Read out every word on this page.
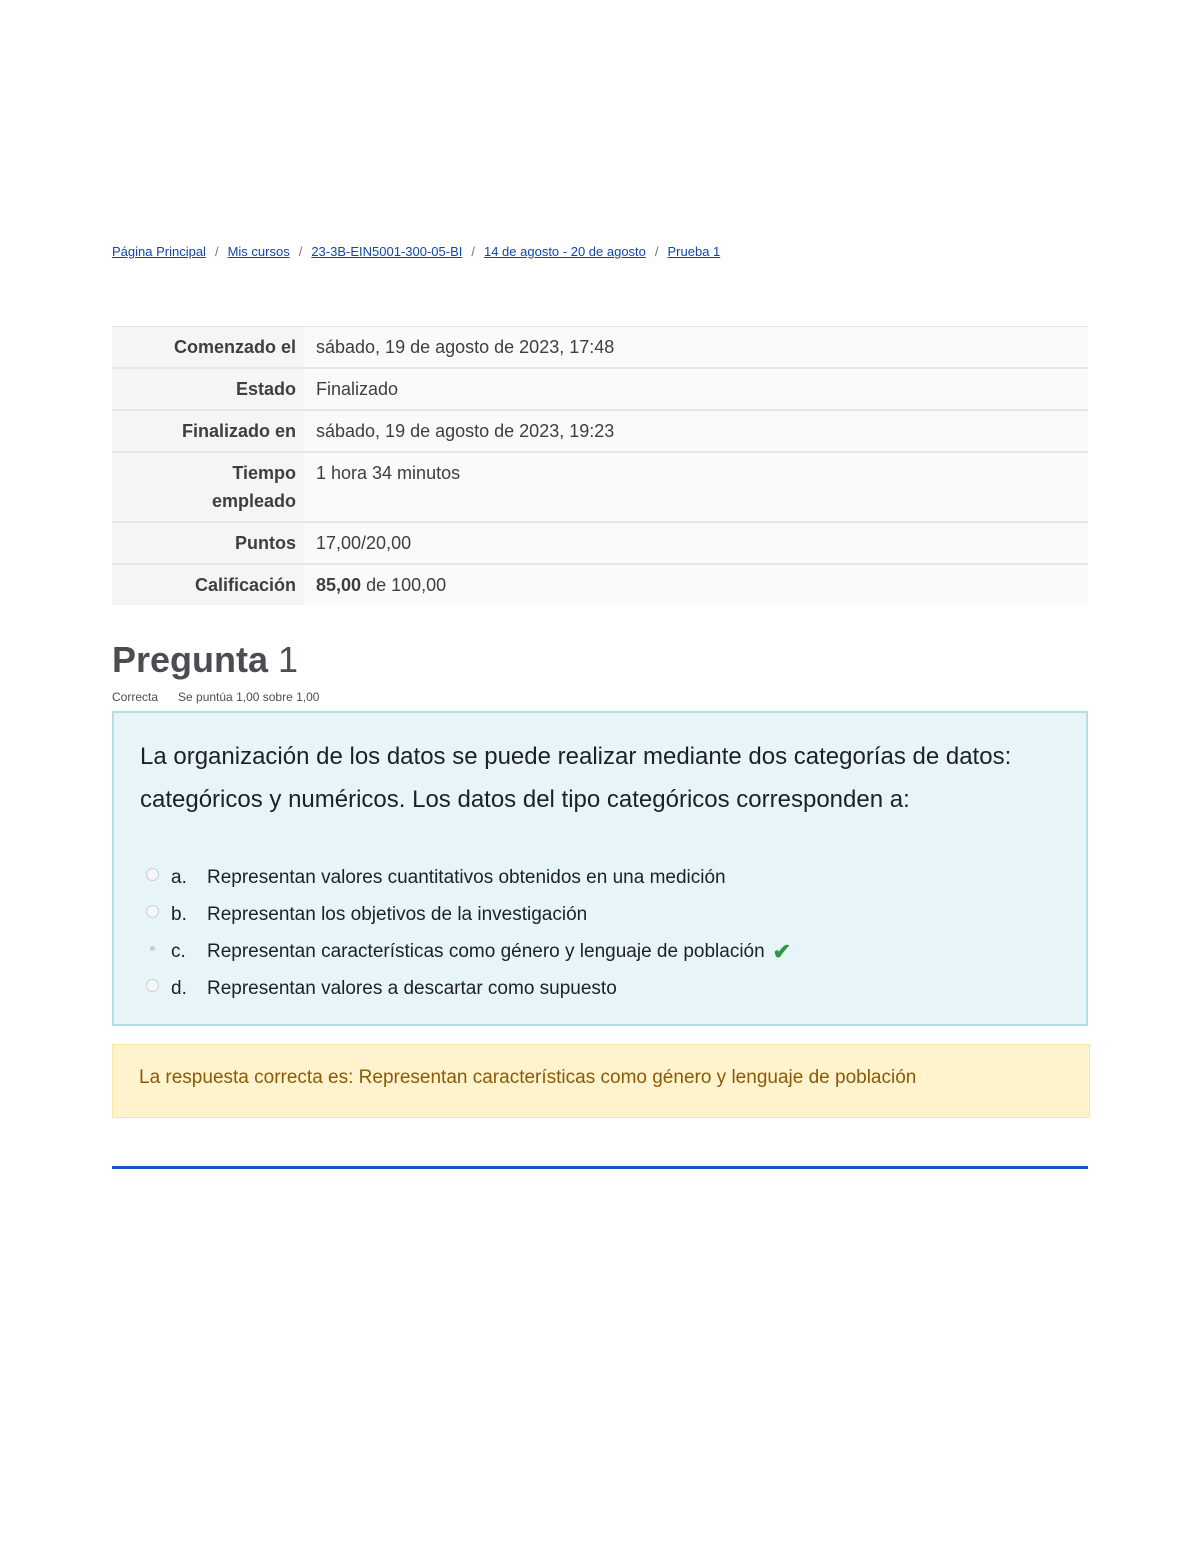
Página Principal / Mis cursos / 23-3B-EIN5001-300-05-BI / 14 de agosto - 20 de agosto / Prueba 1
Comenzado el	sábado, 19 de agosto de 2023, 17:48
Estado	Finalizado
Finalizado en	sábado, 19 de agosto de 2023, 19:23
Tiempo empleado	1 hora 34 minutos
Puntos	17,00/20,00
Calificación	85,00 de 100,00
Pregunta 1
Correcta Se puntúa 1,00 sobre 1,00
La organización de los datos se puede realizar mediante dos categorías de datos: categóricos y numéricos. Los datos del tipo categóricos corresponden a:
a.	Representan valores cuantitativos obtenidos en una medición
b.	Representan los objetivos de la investigación
c.	Representan características como género y lenguaje de población ✔
d.	Representan valores a descartar como supuesto
La respuesta correcta es: Representan características como género y lenguaje de población
